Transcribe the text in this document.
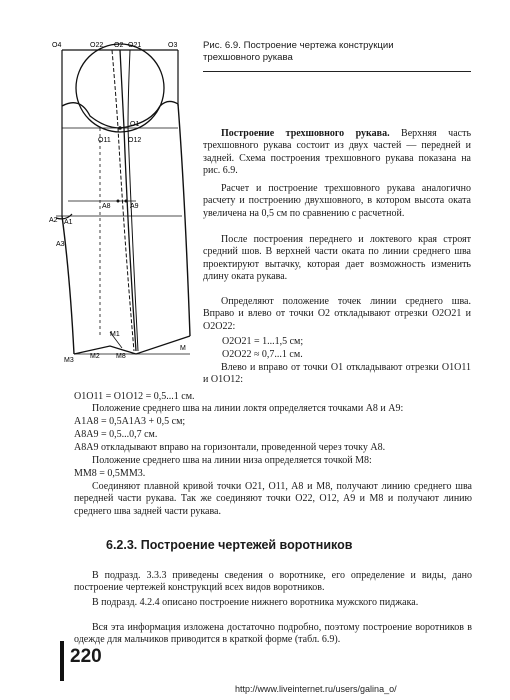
O4	O22 O2 O21	O3
O1
O11 O12
A8	A9
A2 A1
A3
M1
M3
M2 M8
M
Рис. 6.9. Построение чертежа конструкции трехшовного рукава

Построение трехшовного рукава. Верхняя часть трехшовного рукава состоит из двух частей — передней и задней. Схема построения трехшовного рукава показана на рис. 6.9.

Расчет и построение трехшовного рукава аналогично расчету и построению двухшовного, в котором высота оката увеличена на 0,5 см по сравнению с расчетной.

После построения переднего и локтевого края строят средний шов. В верхней части оката по линии среднего шва проектируют вытачку, которая дает возможность изменить длину оката рукава.

Определяют положение точек линии среднего шва. Вправо и влево от точки O2 откладывают отрезки O2O21 и O2O22:

O2O21 = 1...1,5 см;
O2O22 ≈ 0,7...1 см.

Влево и вправо от точки O1 откладывают отрезки O1O11 и O1O12:

O1O11 = O1O12 = 0,5...1 см.

Положение среднего шва на линии локтя определяется точками A8 и A9:

A1A8 = 0,5A1A3 + 0,5 см;
A8A9 = 0,5...0,7 см.

A8A9 откладывают вправо на горизонтали, проведенной через точку A8.

Положение среднего шва на линии низа определяется точкой M8:

MM8 = 0,5MM3.

Соединяют плавной кривой точки O21, O11, A8 и M8, получают линию среднего шва передней части рукава. Так же соединяют точки O22, O12, A9 и M8 и получают линию среднего шва задней части рукава.

6.2.3. Построение чертежей воротников

В подразд. 3.3.3 приведены сведения о воротнике, его определение и виды, дано построение чертежей конструкций всех видов воротников.

В подразд. 4.2.4 описано построение нижнего воротника мужского пиджака.

Вся эта информация изложена достаточно подробно, поэтому построение воротников в одежде для мальчиков приводится в краткой форме (табл. 6.9).

220
http://www.liveinternet.ru/users/galina_o/
